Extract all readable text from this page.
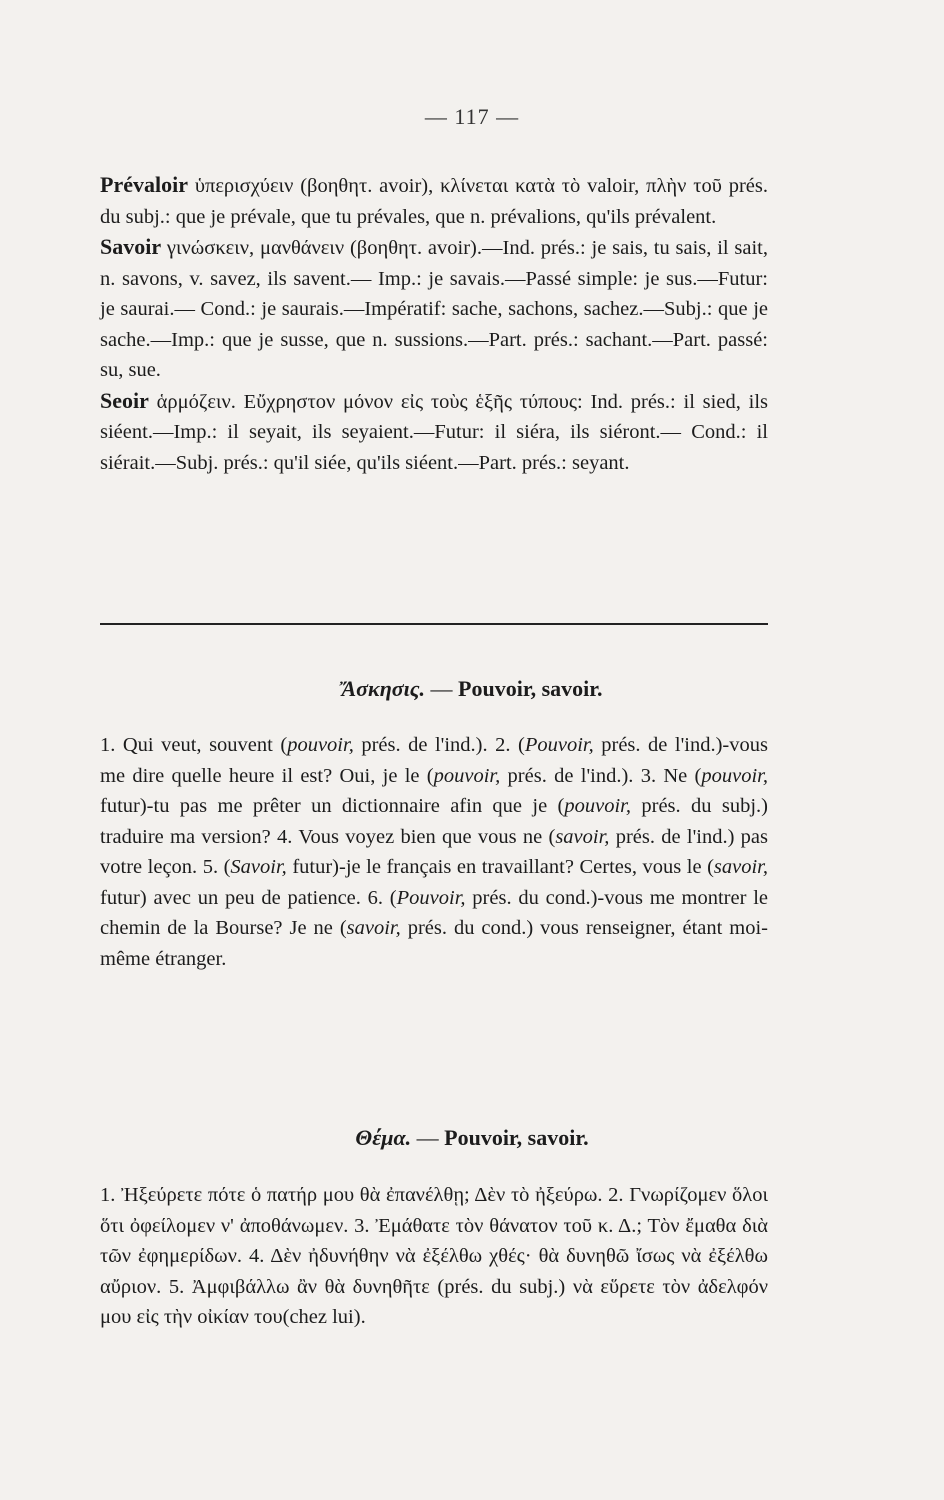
— 117 —

Prévaloir ὑπερισχύειν (βοηθητ. avoir), κλίνεται κατὰ τὸ valoir, πλὴν τοῦ prés. du subj.: que je prévale, que tu prévales, que n. prévalions, qu'ils prévalent.

Savoir γινώσκειν, μανθάνειν (βοηθητ. avoir).—Ind. prés.: je sais, tu sais, il sait, n. savons, v. savez, ils savent.— Imp.: je savais.—Passé simple: je sus.—Futur: je saurai.— Cond.: je saurais.—Impératif: sache, sachons, sachez.—Subj.: que je sache.—Imp.: que je susse, que n. sussions.—Part. prés.: sachant.—Part. passé: su, sue.

Seoir ἁρμόζειν. Εὔχρηστον μόνον εἰς τοὺς ἑξῆς τύπους: Ind. prés.: il sied, ils siéent.—Imp.: il seyait, ils seyaient.—Futur: il siéra, ils siéront.— Cond.: il siérait.—Subj. prés.: qu'il siée, qu'ils siéent.—Part. prés.: seyant.

Ἄσκησις. — Pouvoir, savoir.

1. Qui veut, souvent (pouvoir, prés. de l'ind.). 2. (Pouvoir, prés. de l'ind.)-vous me dire quelle heure il est? Oui, je le (pouvoir, prés. de l'ind.). 3. Ne (pouvoir, futur)-tu pas me prêter un dictionnaire afin que je (pouvoir, prés. du subj.) traduire ma version? 4. Vous voyez bien que vous ne (savoir, prés. de l'ind.) pas votre leçon. 5. (Savoir, futur)-je le français en travaillant? Certes, vous le (savoir, futur) avec un peu de patience. 6. (Pouvoir, prés. du cond.)-vous me montrer le chemin de la Bourse? Je ne (savoir, prés. du cond.) vous renseigner, étant moi-même étranger.

Θέμα. — Pouvoir, savoir.

1. Ἠξεύρετε πότε ὁ πατήρ μου θὰ ἐπανέλθῃ; Δὲν τὸ ἠξεύρω. 2. Γνωρίζομεν ὅλοι ὅτι ὀφείλομεν ν' ἀποθάνωμεν. 3. Ἐμάθατε τὸν θάνατον τοῦ κ. Δ.; Τὸν ἔμαθα διὰ τῶν ἐφημερίδων. 4. Δὲν ἠδυνήθην νὰ ἐξέλθω χθές· θὰ δυνηθῶ ἴσως νὰ ἐξέλθω αὔριον. 5. Ἀμφιβάλλω ἂν θὰ δυνηθῆτε (prés. du subj.) νὰ εὕρετε τὸν ἀδελφόν μου εἰς τὴν οἰκίαν του(chez lui).
